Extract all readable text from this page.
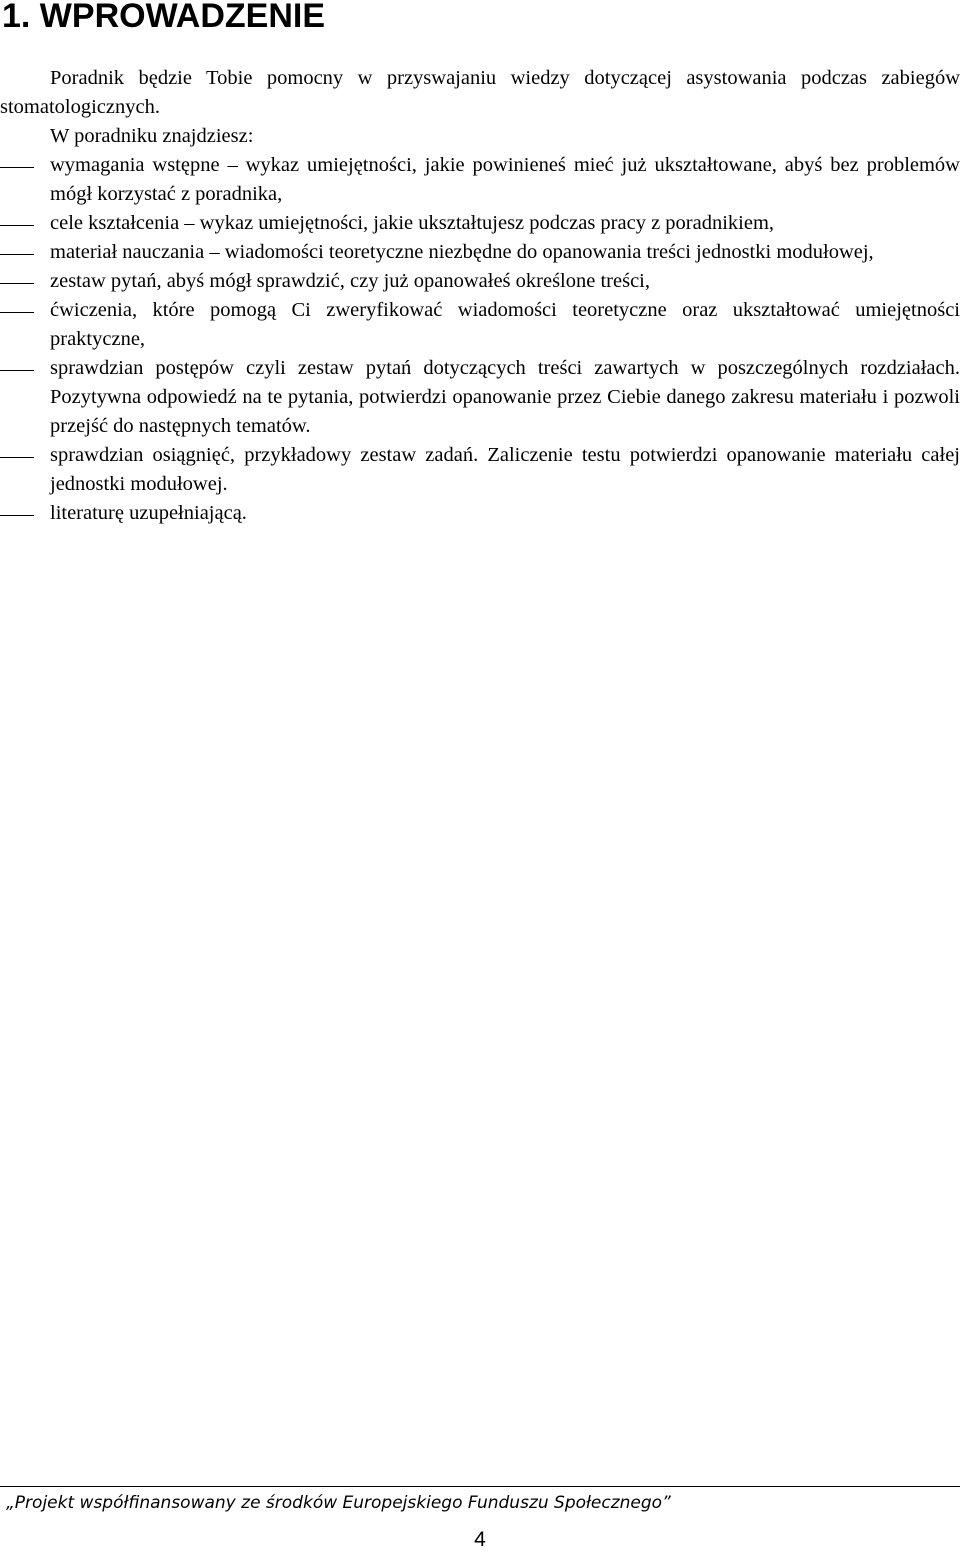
1. WPROWADZENIE

Poradnik będzie Tobie pomocny w przyswajaniu wiedzy dotyczącej asystowania podczas zabiegów stomatologicznych.

W poradniku znajdziesz:

wymagania wstępne – wykaz umiejętności, jakie powinieneś mieć już ukształtowane, abyś bez problemów mógł korzystać z poradnika,
cele kształcenia – wykaz umiejętności, jakie ukształtujesz podczas pracy z poradnikiem,
materiał nauczania – wiadomości teoretyczne niezbędne do opanowania treści jednostki modułowej,
zestaw pytań, abyś mógł sprawdzić, czy już opanowałeś określone treści,
ćwiczenia, które pomogą Ci zweryfikować wiadomości teoretyczne oraz ukształtować umiejętności praktyczne,
sprawdzian postępów czyli zestaw pytań dotyczących treści zawartych w poszczególnych rozdziałach. Pozytywna odpowiedź na te pytania, potwierdzi opanowanie przez Ciebie danego zakresu materiału i pozwoli przejść do następnych tematów.
sprawdzian osiągnięć, przykładowy zestaw zadań. Zaliczenie testu potwierdzi opanowanie materiału całej jednostki modułowej.
literaturę uzupełniającą.
„Projekt współfinansowany ze środków Europejskiego Funduszu Społecznego”
4
